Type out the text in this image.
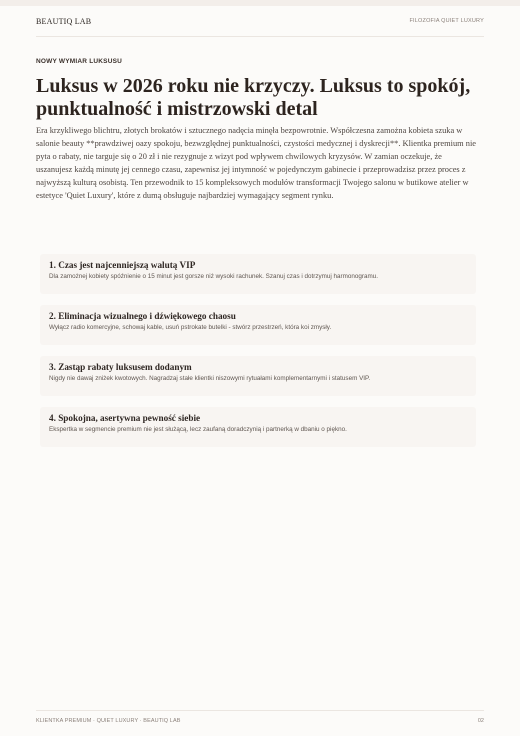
BEAUTIQ LAB	FILOZOFIA QUIET LUXURY
NOWY WYMIAR LUKSUSU
Luksus w 2026 roku nie krzyczy. Luksus to spokój, punktualność i mistrzowski detal

Era krzykliwego blichtru, złotych brokatów i sztucznego nadęcia minęła bezpowrotnie. Współczesna zamożna kobieta szuka w salonie beauty **prawdziwej oazy spokoju, bezwzględnej punktualności, czystości medycznej i dyskrecji**. Klientka premium nie pyta o rabaty, nie targuje się o 20 zł i nie rezygnuje z wizyt pod wpływem chwilowych kryzysów. W zamian oczekuje, że uszanujesz każdą minutę jej cennego czasu, zapewnisz jej intymność w pojedynczym gabinecie i przeprowadzisz przez proces z najwyższą kulturą osobistą. Ten przewodnik to 15 kompleksowych modułów transformacji Twojego salonu w butikowe atelier w estetyce 'Quiet Luxury', które z dumą obsługuje najbardziej wymagający segment rynku.

1. Czas jest najcenniejszą walutą VIP
Dla zamożnej kobiety spóźnienie o 15 minut jest gorsze niż wysoki rachunek. Szanuj czas i dotrzymuj harmonogramu.
2. Eliminacja wizualnego i dźwiękowego chaosu
Wyłącz radio komercyjne, schowaj kable, usuń pstrokate butelki - stwórz przestrzeń, która koi zmysły.
3. Zastąp rabaty luksusem dodanym
Nigdy nie dawaj zniżek kwotowych. Nagradzaj stałe klientki niszowymi rytuałami komplementarnymi i statusem VIP.
4. Spokojna, asertywna pewność siebie
Ekspertka w segmencie premium nie jest służącą, lecz zaufaną doradczynią i partnerką w dbaniu o piękno.
KLIENTKA PREMIUM · QUIET LUXURY · BEAUTIQ LAB	02
